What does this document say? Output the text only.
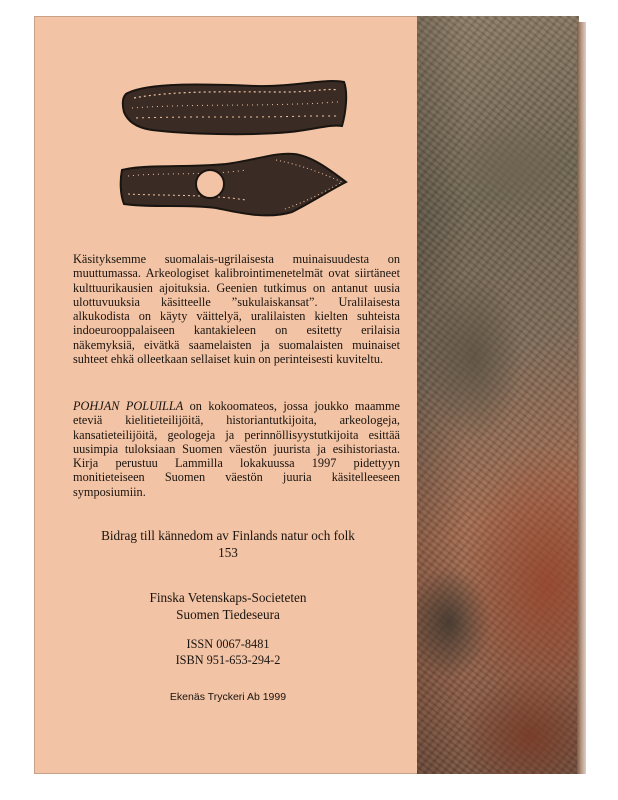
Käsityksemme suomalais-ugrilaisesta muinaisuudesta on muuttumassa. Arkeologiset kalibrointimenetelmät ovat siirtäneet kulttuurikausien ajoituksia. Geenien tutkimus on antanut uusia ulottuvuuksia käsitteelle ”sukulaiskansat”. Uralilaisesta alkukodista on käyty väittelyä, uralilaisten kielten suhteista indoeurooppalaiseen kantakieleen on esitetty erilaisia näkemyksiä, eivätkä saamelaisten ja suomalaisten muinaiset suhteet ehkä olleetkaan sellaiset kuin on perinteisesti kuviteltu.
POHJAN POLUILLA on kokoomateos, jossa joukko maamme eteviä kielitieteilijöitä, historiantutkijoita, arkeologeja, kansatieteilijöitä, geologeja ja perinnöllisyystutkijoita esittää uusimpia tuloksiaan Suomen väestön juurista ja esihistoriasta. Kirja perustuu Lammilla lokakuussa 1997 pidettyyn monitieteiseen Suomen väestön juuria käsitelleeseen symposiumiin.
Bidrag till kännedom av Finlands natur och folk
153
Finska Vetenskaps-Societeten
Suomen Tiedeseura
ISSN 0067-8481
ISBN 951-653-294-2
Ekenäs Tryckeri Ab 1999
